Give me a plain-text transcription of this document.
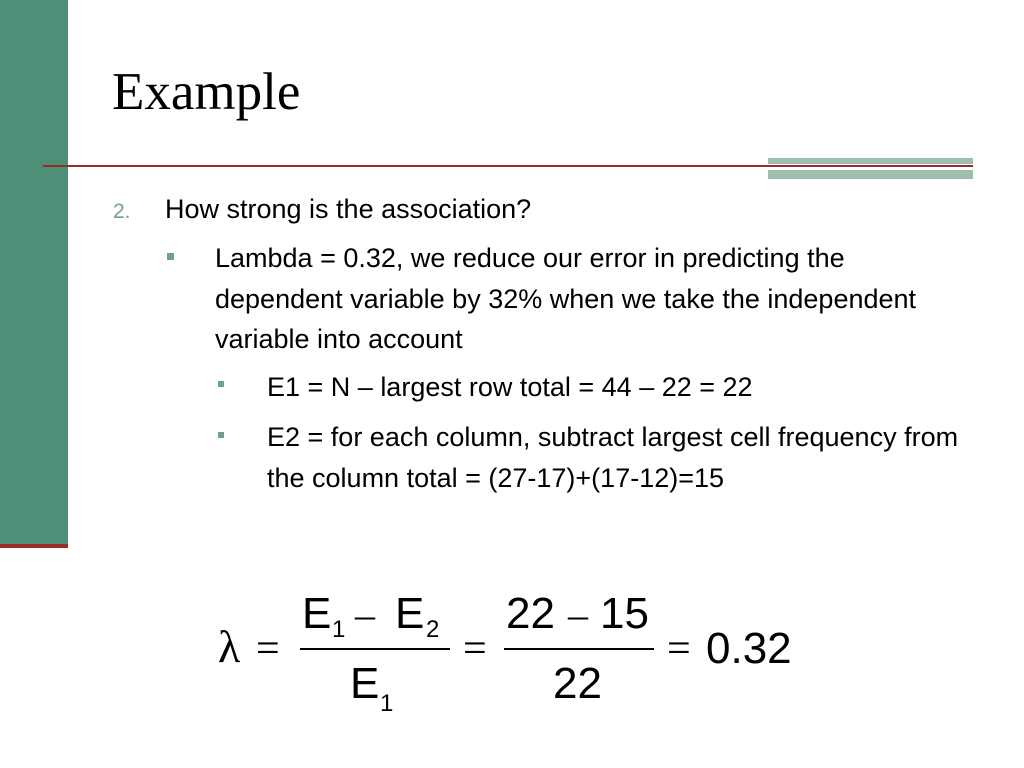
Example
2. How strong is the association?
Lambda = 0.32, we reduce our error in predicting the dependent variable by 32% when we take the independent variable into account
E1 = N – largest row total = 44 – 22 = 22
E2 = for each column, subtract largest cell frequency from the column total = (27-17)+(17-12)=15
λ =
E 1 – E 2
E 1
=
22 – 15
22
= 0.32
